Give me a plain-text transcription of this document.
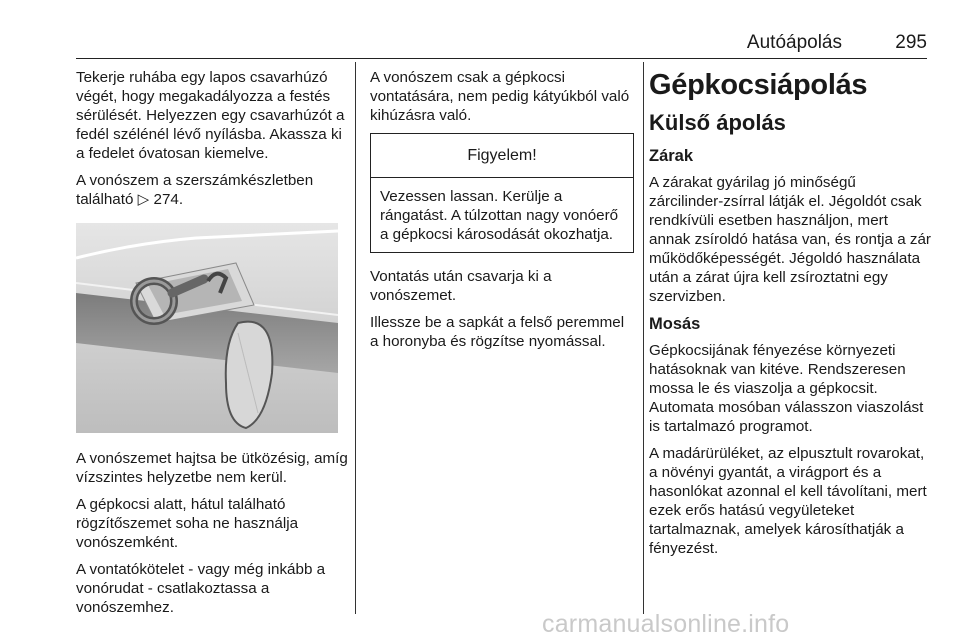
Autóápolás	295

Tekerje ruhába egy lapos csavarhúzó végét, hogy megakadályozza a festés sérülését. Helyezzen egy csavarhúzót a fedél szélénél lévő nyílásba. Akassza ki a fedelet óvatosan kiemelve.

A vonószem a szerszámkészletben található ▷ 274.

A vonószemet hajtsa be ütközésig, amíg vízszintes helyzetbe nem kerül.

A gépkocsi alatt, hátul található rögzítőszemet soha ne használja vonószemként.

A vontatókötelet - vagy még inkább a vonórudat - csatlakoztassa a vonószemhez.

A vonószem csak a gépkocsi vontatására, nem pedig kátyúkból való kihúzásra való.

Figyelem!
Vezessen lassan. Kerülje a rángatást. A túlzottan nagy vonóerő a gépkocsi károsodását okozhatja.

Vontatás után csavarja ki a vonószemet.

Illessze be a sapkát a felső peremmel a horonyba és rögzítse nyomással.

Gépkocsiápolás
Külső ápolás
Zárak

A zárakat gyárilag jó minőségű zárcilinder-zsírral látják el. Jégoldót csak rendkívüli esetben használjon, mert annak zsíroldó hatása van, és rontja a zár működőképességét. Jégoldó használata után a zárat újra kell zsíroztatni egy szervizben.

Mosás

Gépkocsijának fényezése környezeti hatásoknak van kitéve. Rendszeresen mossa le és viaszolja a gépkocsit. Automata mosóban válasszon viaszolást is tartalmazó programot.

A madárürüléket, az elpusztult rovarokat, a növényi gyantát, a virágport és a hasonlókat azonnal el kell távolítani, mert ezek erős hatású vegyületeket tartalmaznak, amelyek károsíthatják a fényezést.

carmanualsonline.info
